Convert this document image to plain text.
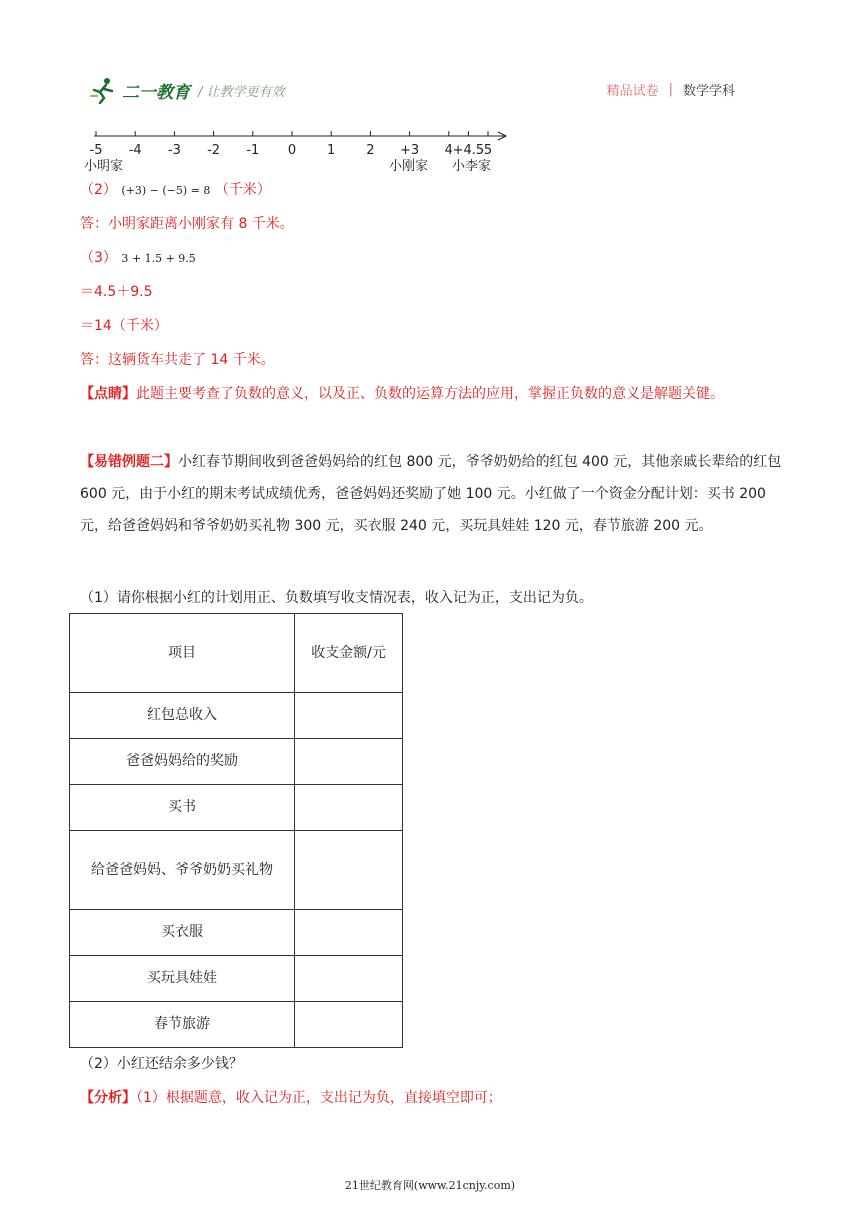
二一教育 / 让教学更有效	精品试卷 | 数学学科
-5 -4 -3 -2 -1 0 1 2 +3 4 +4.5 5
小明家	小刚家 小李家
（2） (+3) − (−5) = 8 （千米）
答：小明家距离小刚家有 8 千米。
（3） 3 + 1.5 + 9.5
＝4.5＋9.5
＝14（千米）
答：这辆货车共走了 14 千米。
【点睛】此题主要考查了负数的意义，以及正、负数的运算方法的应用，掌握正负数的意义是解题关键。
【易错例题二】小红春节期间收到爸爸妈妈给的红包 800 元，爷爷奶奶给的红包 400 元，其他亲戚长辈给的红包 600 元，由于小红的期末考试成绩优秀，爸爸妈妈还奖励了她 100 元。小红做了一个资金分配计划：买书 200 元，给爸爸妈妈和爷爷奶奶买礼物 300 元，买衣服 240 元，买玩具娃娃 120 元，春节旅游 200 元。
（1）请你根据小红的计划用正、负数填写收支情况表，收入记为正，支出记为负。
项目	收支金额/元
红包总收入	
爸爸妈妈给的奖励	
买书	
给爸爸妈妈、爷爷奶奶买礼物	
买衣服	
买玩具娃娃	
春节旅游	
（2）小红还结余多少钱？
【分析】（1）根据题意，收入记为正，支出记为负，直接填空即可；
21世纪教育网(www.21cnjy.com)
